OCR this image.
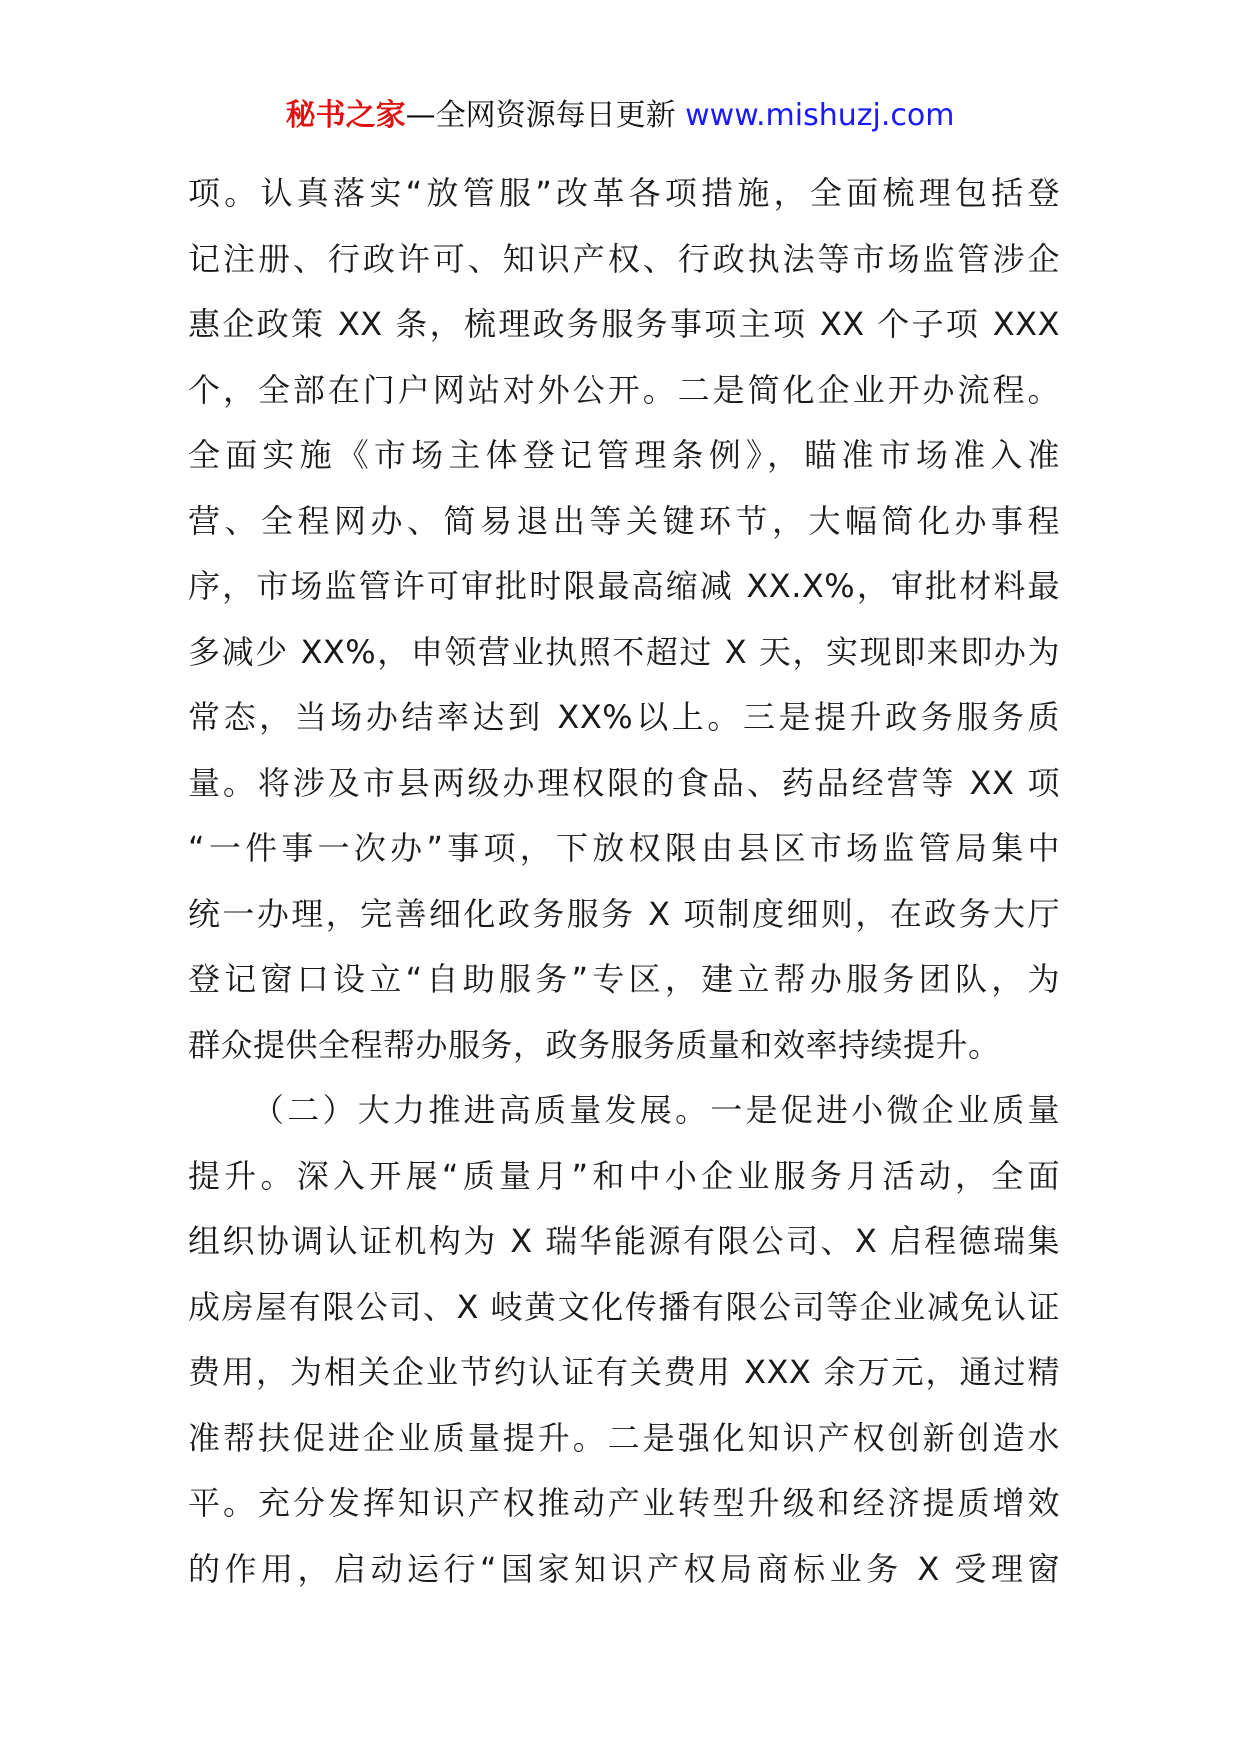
秘书之家—全网资源每日更新 www.mishuzj.com
项。认真落实“放管服”改革各项措施，全面梳理包括登
记注册、行政许可、知识产权、行政执法等市场监管涉企
惠企政策 XX 条，梳理政务服务事项主项 XX 个子项 XXX
个，全部在门户网站对外公开。二是简化企业开办流程。
全面实施《市场主体登记管理条例》，瞄准市场准入准
营、全程网办、简易退出等关键环节，大幅简化办事程
序，市场监管许可审批时限最高缩减 XX.X%，审批材料最
多减少 XX%，申领营业执照不超过 X 天，实现即来即办为
常态，当场办结率达到 XX%以上。三是提升政务服务质
量。将涉及市县两级办理权限的食品、药品经营等 XX 项
“一件事一次办”事项，下放权限由县区市场监管局集中
统一办理，完善细化政务服务 X 项制度细则，在政务大厅
登记窗口设立“自助服务”专区，建立帮办服务团队，为
群众提供全程帮办服务，政务服务质量和效率持续提升。
（二）大力推进高质量发展。一是促进小微企业质量
提升。深入开展“质量月”和中小企业服务月活动，全面
组织协调认证机构为 X 瑞华能源有限公司、X 启程德瑞集
成房屋有限公司、X 岐黄文化传播有限公司等企业减免认证
费用，为相关企业节约认证有关费用 XXX 余万元，通过精
准帮扶促进企业质量提升。二是强化知识产权创新创造水
平。充分发挥知识产权推动产业转型升级和经济提质增效
的作用，启动运行“国家知识产权局商标业务 X 受理窗
